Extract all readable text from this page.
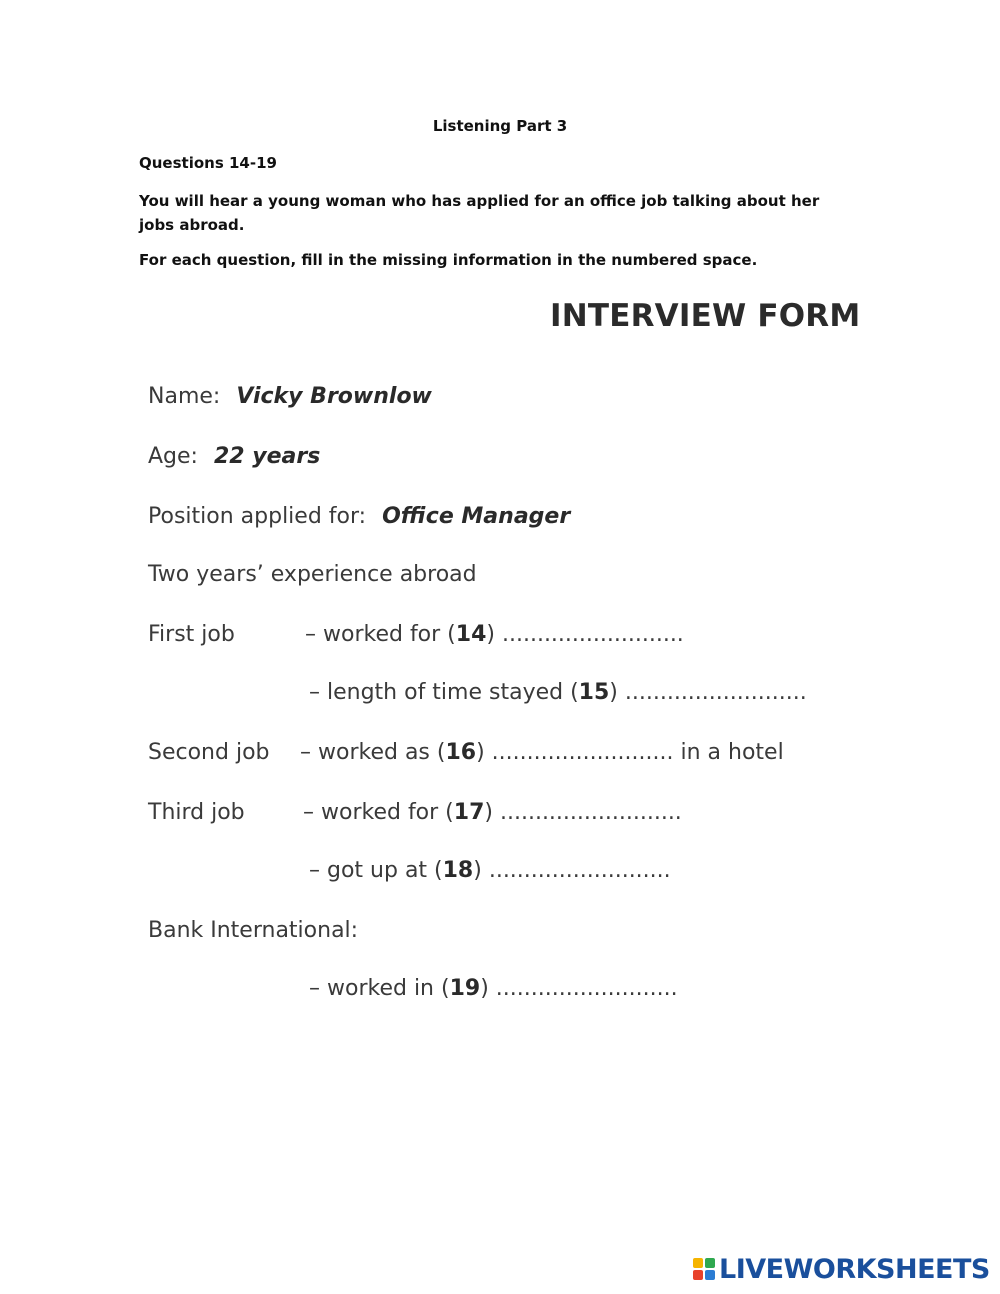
Listening Part 3
Questions 14-19
You will hear a young woman who has applied for an office job talking about her jobs abroad.
For each question, fill in the missing information in the numbered space.
INTERVIEW FORM
Name: Vicky Brownlow
Age: 22 years
Position applied for: Office Manager
Two years’ experience abroad
First job	– worked for (14) ..........................
– length of time stayed (15) ..........................
Second job – worked as (16) .......................... in a hotel
Third job	– worked for (17) ..........................
– got up at (18) ..........................
Bank International:
– worked in (19) ..........................
LIVEWORKSHEETS
